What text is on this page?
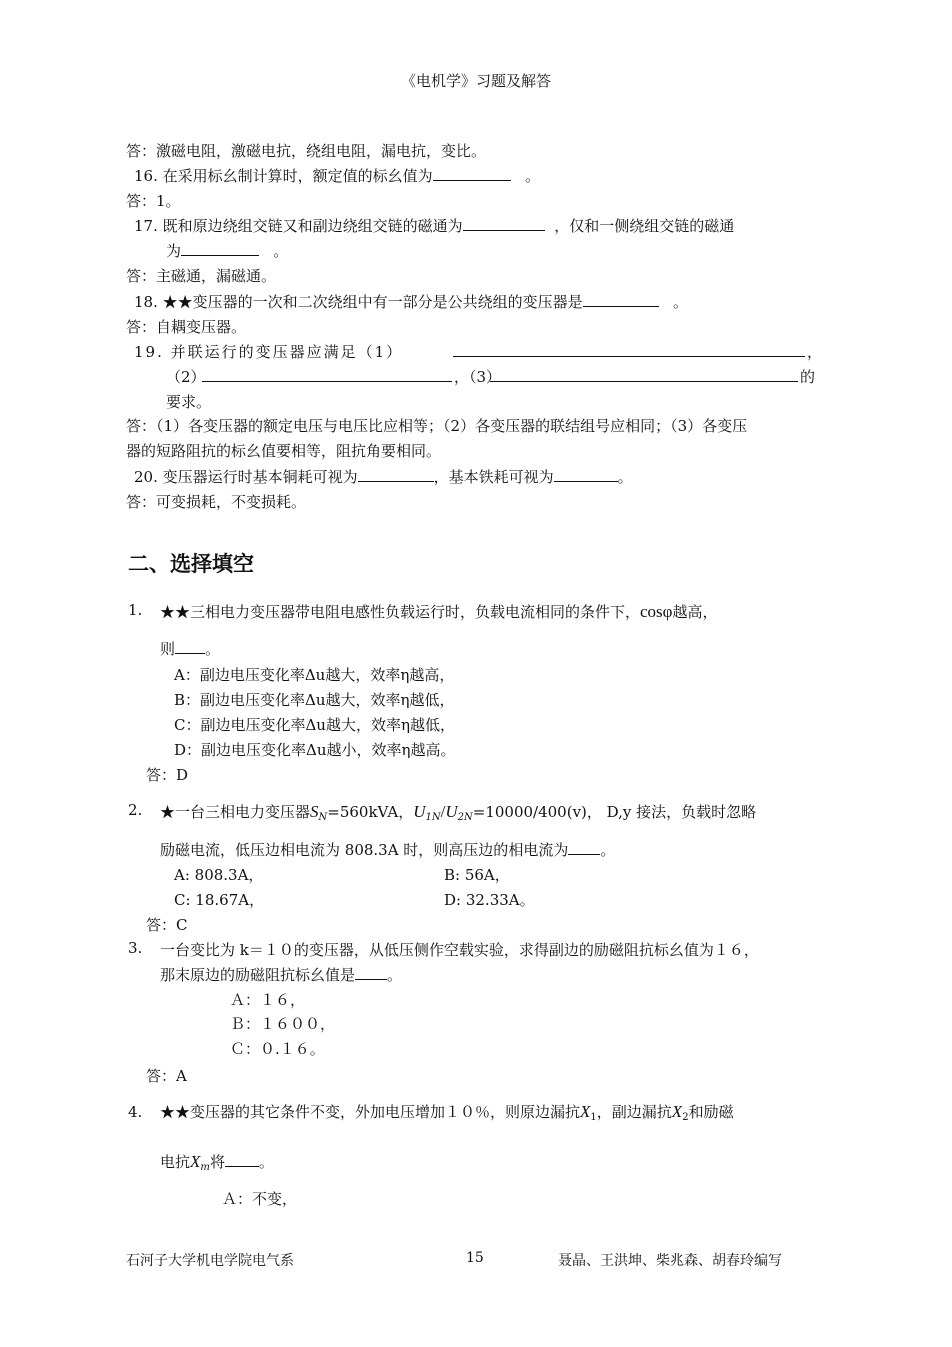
《电机学》习题及解答
答：激磁电阻，激磁电抗，绕组电阻，漏电抗，变比。
16. 在采用标幺制计算时，额定值的标幺值为	。
答：1。
17. 既和原边绕组交链又和副边绕组交链的磁通为	，仅和一侧绕组交链的磁通
为	。
答：主磁通，漏磁通。
18. ★★变压器的一次和二次绕组中有一部分是公共绕组的变压器是	。
答：自耦变压器。
19. 并联运行的变压器应满足（1）	，
（2）	，（3）	的
要求。
答：（1）各变压器的额定电压与电压比应相等；（2）各变压器的联结组号应相同；（3）各变压
器的短路阻抗的标幺值要相等，阻抗角要相同。
20. 变压器运行时基本铜耗可视为	，基本铁耗可视为	。
答：可变损耗，不变损耗。
二、选择填空
1. ★★三相电力变压器带电阻电感性负载运行时，负载电流相同的条件下，cosφ越高，
则 。
A：副边电压变化率Δu越大，效率η越高，
B：副边电压变化率Δu越大，效率η越低，
C：副边电压变化率Δu越大，效率η越低，
D：副边电压变化率Δu越小，效率η越高。
答：D
2. ★一台三相电力变压器$S_N=560kVA$，$U_{1N}/U_{2N}=10000/400(v)$， D,y 接法，负载时忽略
励磁电流，低压边相电流为 808.3A 时，则高压边的相电流为 。
A: 808.3A，	B: 56A，
C: 18.67A，	D: 32.33A。
答：C
3. 一台变比为 k＝１０的变压器，从低压侧作空载实验，求得副边的励磁阻抗标幺值为１６，
那末原边的励磁阻抗标幺值是 。
Ａ：１６，
Ｂ：１６００，
Ｃ：０.１６。
答：A
4. ★★变压器的其它条件不变，外加电压增加１０％，则原边漏抗$X_1$，副边漏抗$X_2$和励磁
电抗$X_m$将 。
Ａ：不变，
石河子大学机电学院电气系	15	聂晶、王洪坤、柴兆森、胡春玲编写
